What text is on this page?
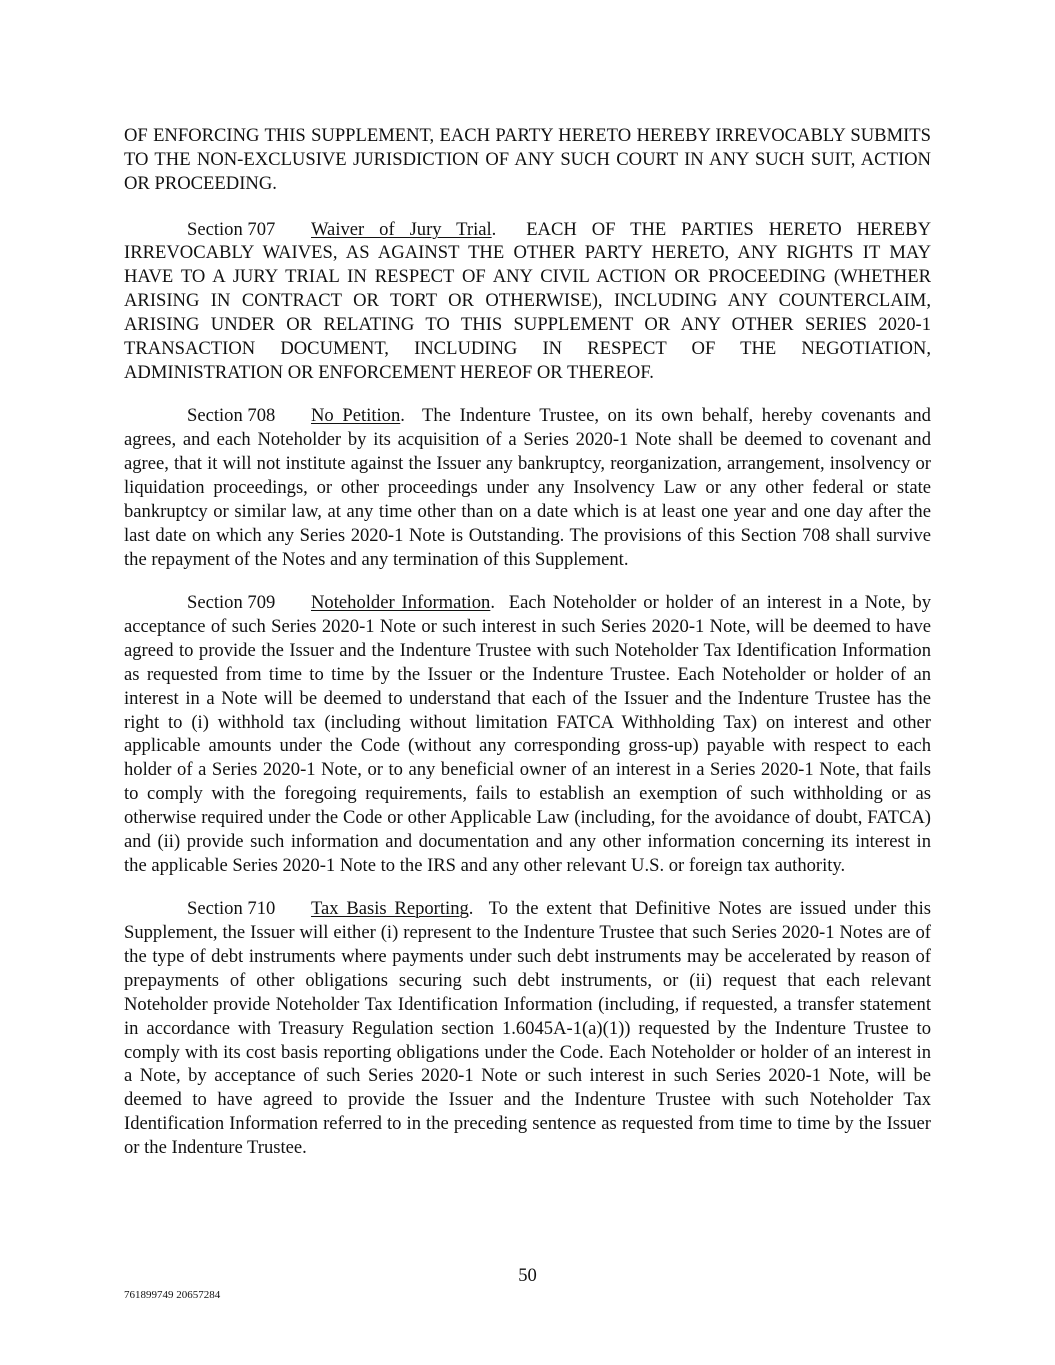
OF ENFORCING THIS SUPPLEMENT, EACH PARTY HERETO HEREBY IRREVOCABLY SUBMITS TO THE NON-EXCLUSIVE JURISDICTION OF ANY SUCH COURT IN ANY SUCH SUIT, ACTION OR PROCEEDING.

Section 707 Waiver of Jury Trial.  EACH OF THE PARTIES HERETO HEREBY IRREVOCABLY WAIVES, AS AGAINST THE OTHER PARTY HERETO, ANY RIGHTS IT MAY HAVE TO A JURY TRIAL IN RESPECT OF ANY CIVIL ACTION OR PROCEEDING (WHETHER ARISING IN CONTRACT OR TORT OR OTHERWISE), INCLUDING ANY COUNTERCLAIM, ARISING UNDER OR RELATING TO THIS SUPPLEMENT OR ANY OTHER SERIES 2020-1 TRANSACTION DOCUMENT, INCLUDING IN RESPECT OF THE NEGOTIATION, ADMINISTRATION OR ENFORCEMENT HEREOF OR THEREOF.

Section 708 No Petition.  The Indenture Trustee, on its own behalf, hereby covenants and agrees, and each Noteholder by its acquisition of a Series 2020-1 Note shall be deemed to covenant and agree, that it will not institute against the Issuer any bankruptcy, reorganization, arrangement, insolvency or liquidation proceedings, or other proceedings under any Insolvency Law or any other federal or state bankruptcy or similar law, at any time other than on a date which is at least one year and one day after the last date on which any Series 2020-1 Note is Outstanding. The provisions of this Section 708 shall survive the repayment of the Notes and any termination of this Supplement.

Section 709 Noteholder Information.  Each Noteholder or holder of an interest in a Note, by acceptance of such Series 2020-1 Note or such interest in such Series 2020-1 Note, will be deemed to have agreed to provide the Issuer and the Indenture Trustee with such Noteholder Tax Identification Information as requested from time to time by the Issuer or the Indenture Trustee. Each Noteholder or holder of an interest in a Note will be deemed to understand that each of the Issuer and the Indenture Trustee has the right to (i) withhold tax (including without limitation FATCA Withholding Tax) on interest and other applicable amounts under the Code (without any corresponding gross-up) payable with respect to each holder of a Series 2020-1 Note, or to any beneficial owner of an interest in a Series 2020-1 Note, that fails to comply with the foregoing requirements, fails to establish an exemption of such withholding or as otherwise required under the Code or other Applicable Law (including, for the avoidance of doubt, FATCA) and (ii) provide such information and documentation and any other information concerning its interest in the applicable Series 2020-1 Note to the IRS and any other relevant U.S. or foreign tax authority.

Section 710 Tax Basis Reporting.  To the extent that Definitive Notes are issued under this Supplement, the Issuer will either (i) represent to the Indenture Trustee that such Series 2020-1 Notes are of the type of debt instruments where payments under such debt instruments may be accelerated by reason of prepayments of other obligations securing such debt instruments, or (ii) request that each relevant Noteholder provide Noteholder Tax Identification Information (including, if requested, a transfer statement in accordance with Treasury Regulation section 1.6045A-1(a)(1)) requested by the Indenture Trustee to comply with its cost basis reporting obligations under the Code. Each Noteholder or holder of an interest in a Note, by acceptance of such Series 2020-1 Note or such interest in such Series 2020-1 Note, will be deemed to have agreed to provide the Issuer and the Indenture Trustee with such Noteholder Tax Identification Information referred to in the preceding sentence as requested from time to time by the Issuer or the Indenture Trustee.

50
761899749 20657284
